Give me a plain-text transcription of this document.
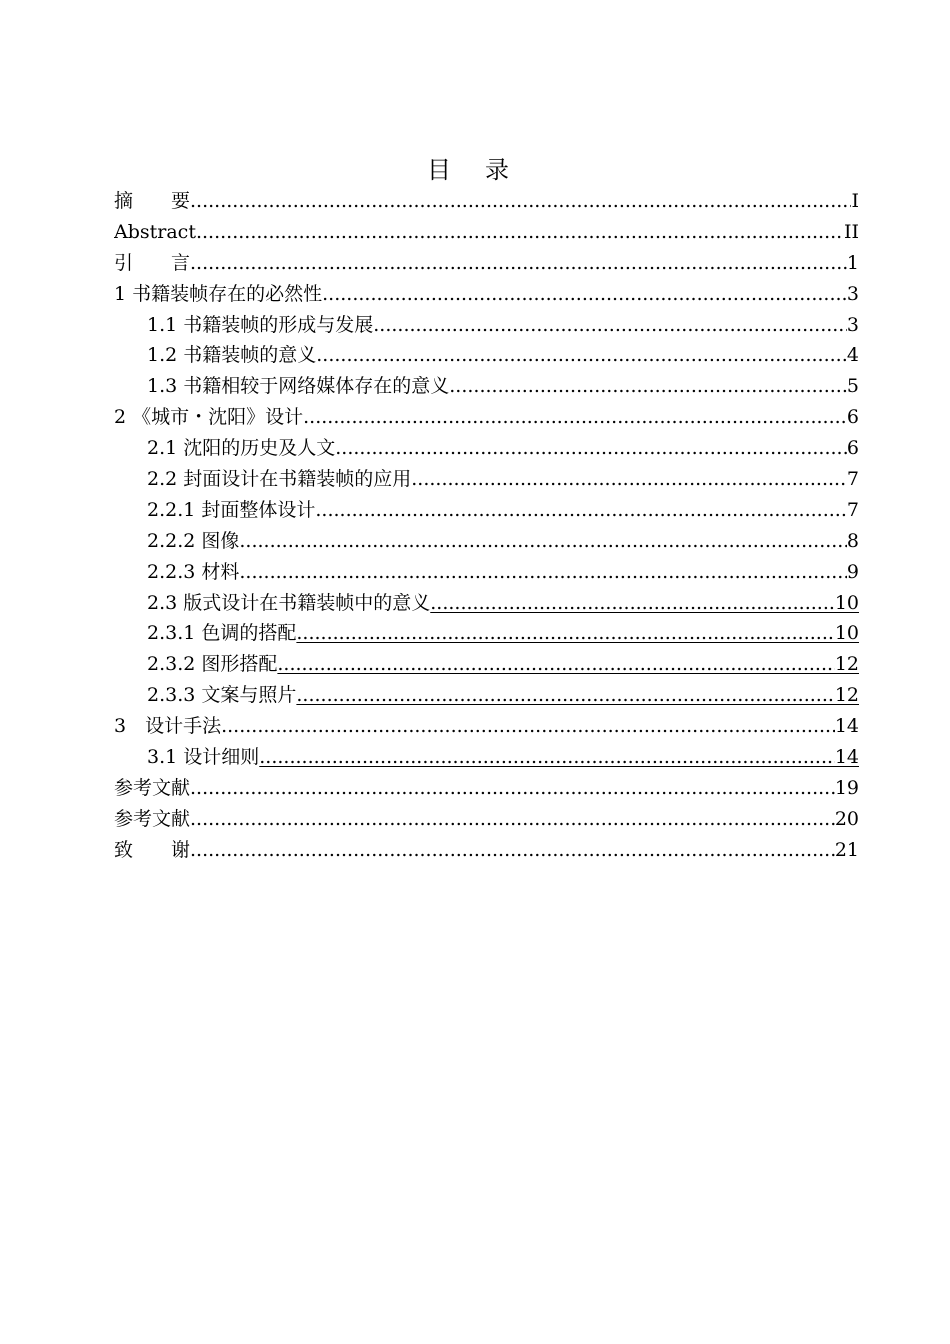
目录
摘　　要 .....	I
Abstract .....	II
引　　言 .....	1
1 书籍装帧存在的必然性 .....	3
1.1 书籍装帧的形成与发展 .....	3
1.2 书籍装帧的意义 .....	4
1.3 书籍相较于网络媒体存在的意义 .....	5
2 《城市・沈阳》设计 .....	6
2.1 沈阳的历史及人文 .....	6
2.2 封面设计在书籍装帧的应用 .....	7
2.2.1 封面整体设计 .....	7
2.2.2 图像 .....	8
2.2.3 材料 .....	9
2.3 版式设计在书籍装帧中的意义 .....	10
2.3.1 色调的搭配 .....	10
2.3.2 图形搭配 .....	12
2.3.3 文案与照片 .....	12
3　设计手法 .....	14
3.1 设计细则 .....	14
参考文献 .....	19
参考文献 .....	20
致　　谢 .....	21
